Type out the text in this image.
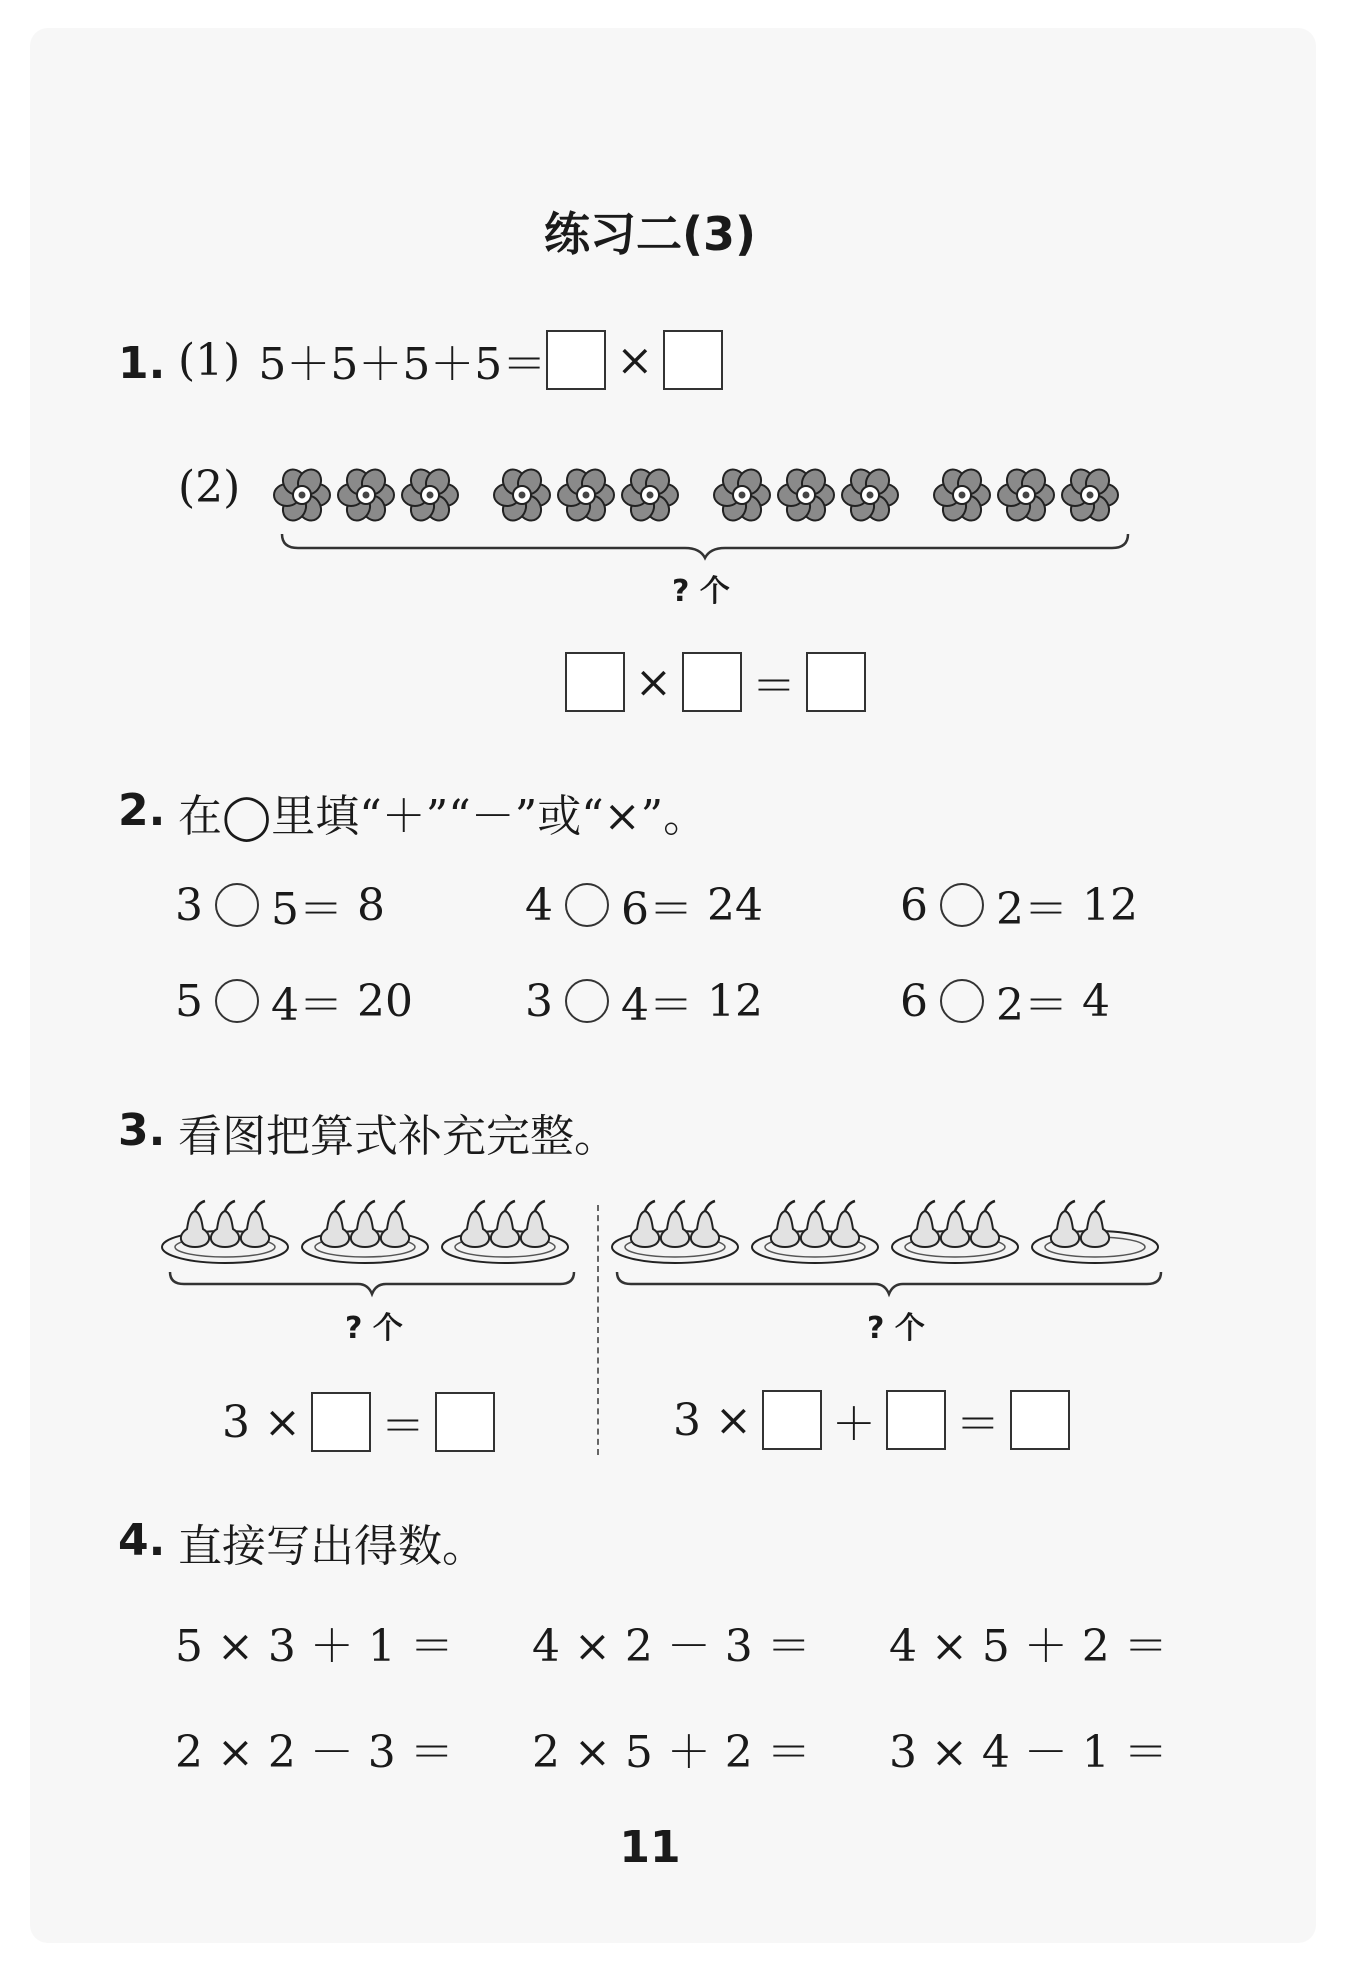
练习二(3)
1. (1) 5＋5＋5＋5＝ ×
(2)
? 个
× ＝
2. 在◯里填“＋”“－”或“×”。
3 5＝ 8	4 6＝ 24	6 2＝ 12
5 4＝ 20	3 4＝ 12	6 2＝ 4
3. 看图把算式补充完整。
? 个	? 个
3 × ＝	3 × ＋ ＝
4. 直接写出得数。
5 × 3 ＋ 1 ＝	4 × 2 － 3 ＝	4 × 5 ＋ 2 ＝
2 × 2 － 3 ＝	2 × 5 ＋ 2 ＝	3 × 4 － 1 ＝
11
